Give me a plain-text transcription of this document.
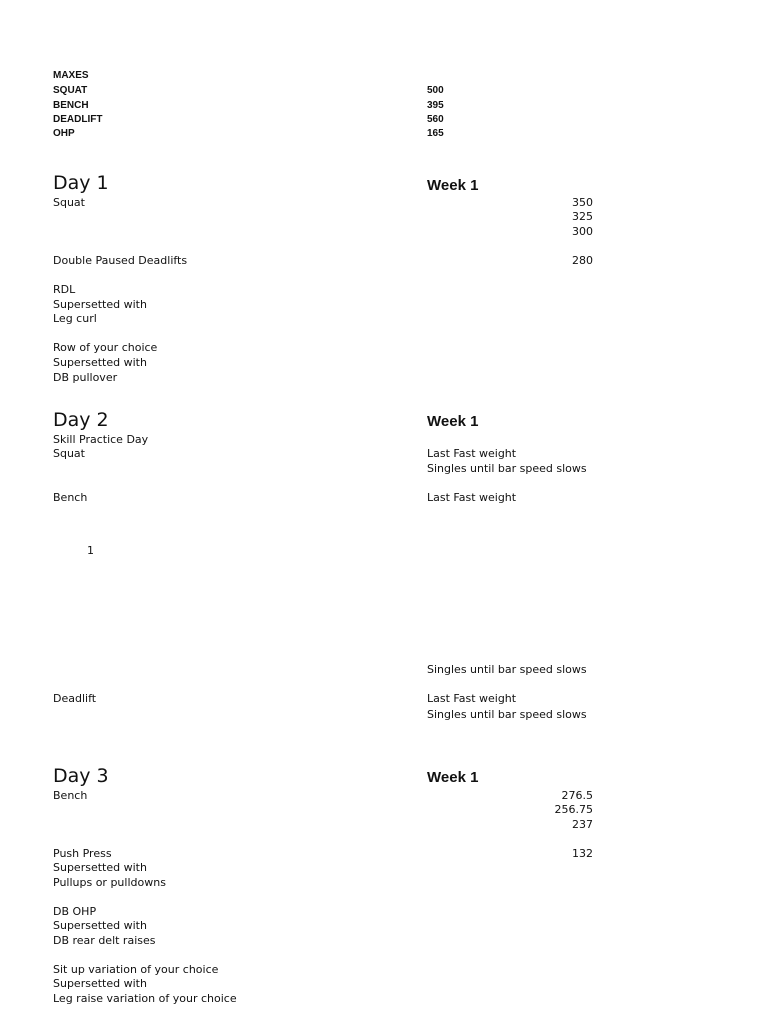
MAXES
SQUAT	500
BENCH	395
DEADLIFT	560
OHP	165
Day 1	Week 1
Squat	350
325
300
Double Paused Deadlifts	280
RDL
Supersetted with
Leg curl
Row of your choice
Supersetted with
DB pullover
Day 2	Week 1
Skill Practice Day
Squat	Last Fast weight
Singles until bar speed slows
Bench	Last Fast weight
1
Singles until bar speed slows
Deadlift	Last Fast weight
Singles until bar speed slows
Day 3	Week 1
Bench	276.5
256.75
237
Push Press	132
Supersetted with
Pullups or pulldowns
DB OHP
Supersetted with
DB rear delt raises
Sit up variation of your choice
Supersetted with
Leg raise variation of your choice
